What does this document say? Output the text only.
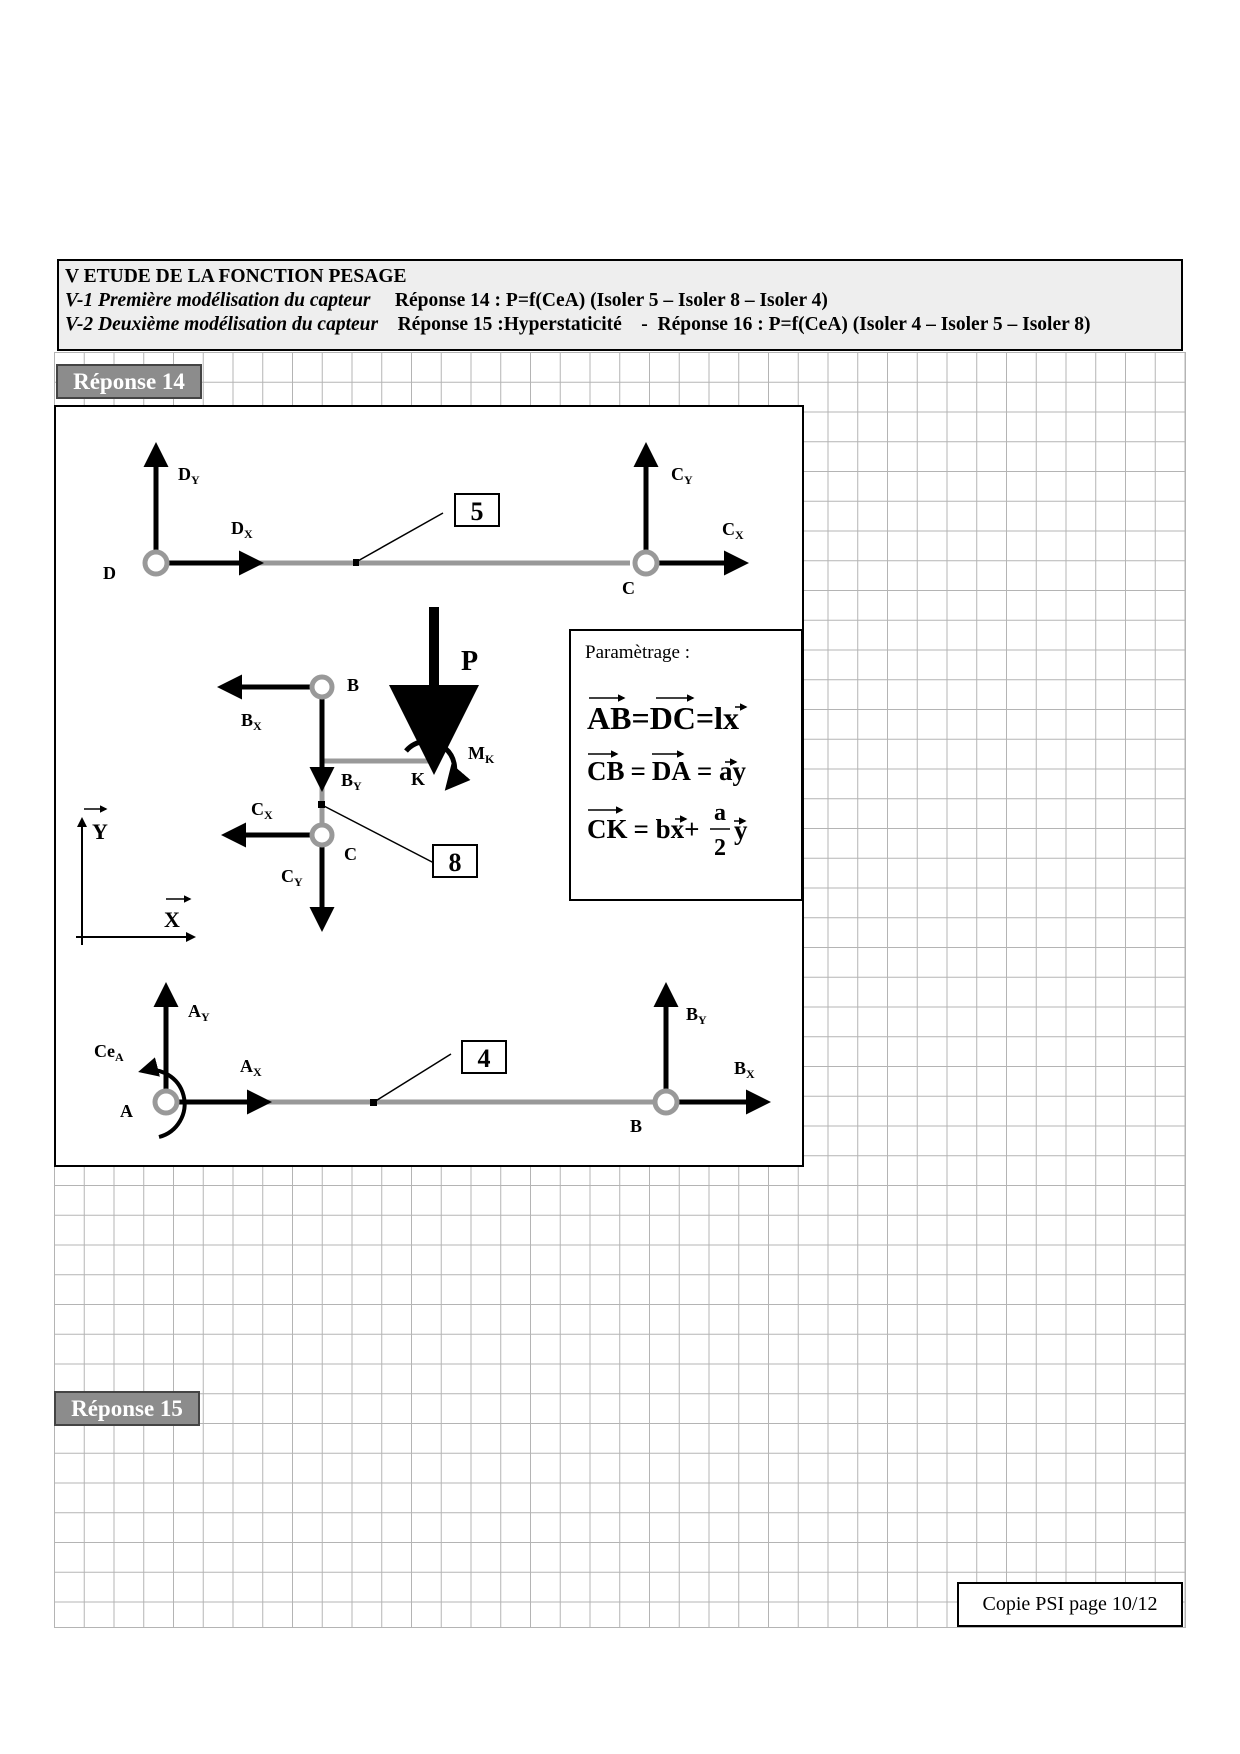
V ETUDE DE LA FONCTION PESAGE
V-1 Première modélisation du capteur Réponse 14 : P=f(CeA) (Isoler 5 – Isoler 8 – Isoler 4)
V-2 Deuxième modélisation du capteur Réponse 15 :Hyperstaticité    -  Réponse 16 : P=f(CeA) (Isoler 4 – Isoler 5 – Isoler 8)
Réponse 14
5
D
$D_Y$
$D_X$
C
$C_Y$
$C_X$
8
P
B
$B_X$
$B_Y$
$M_K$
K
$C_X$
C
$C_Y$
Y
X
Paramètrage :
AB=DC=lx
CB = DA = ay
CK = bx+
a
2
y
4
A
$A_Y$
$A_X$
$Ce_A$
B
$B_Y$
$B_X$
Réponse 15
Copie PSI page 10/12
